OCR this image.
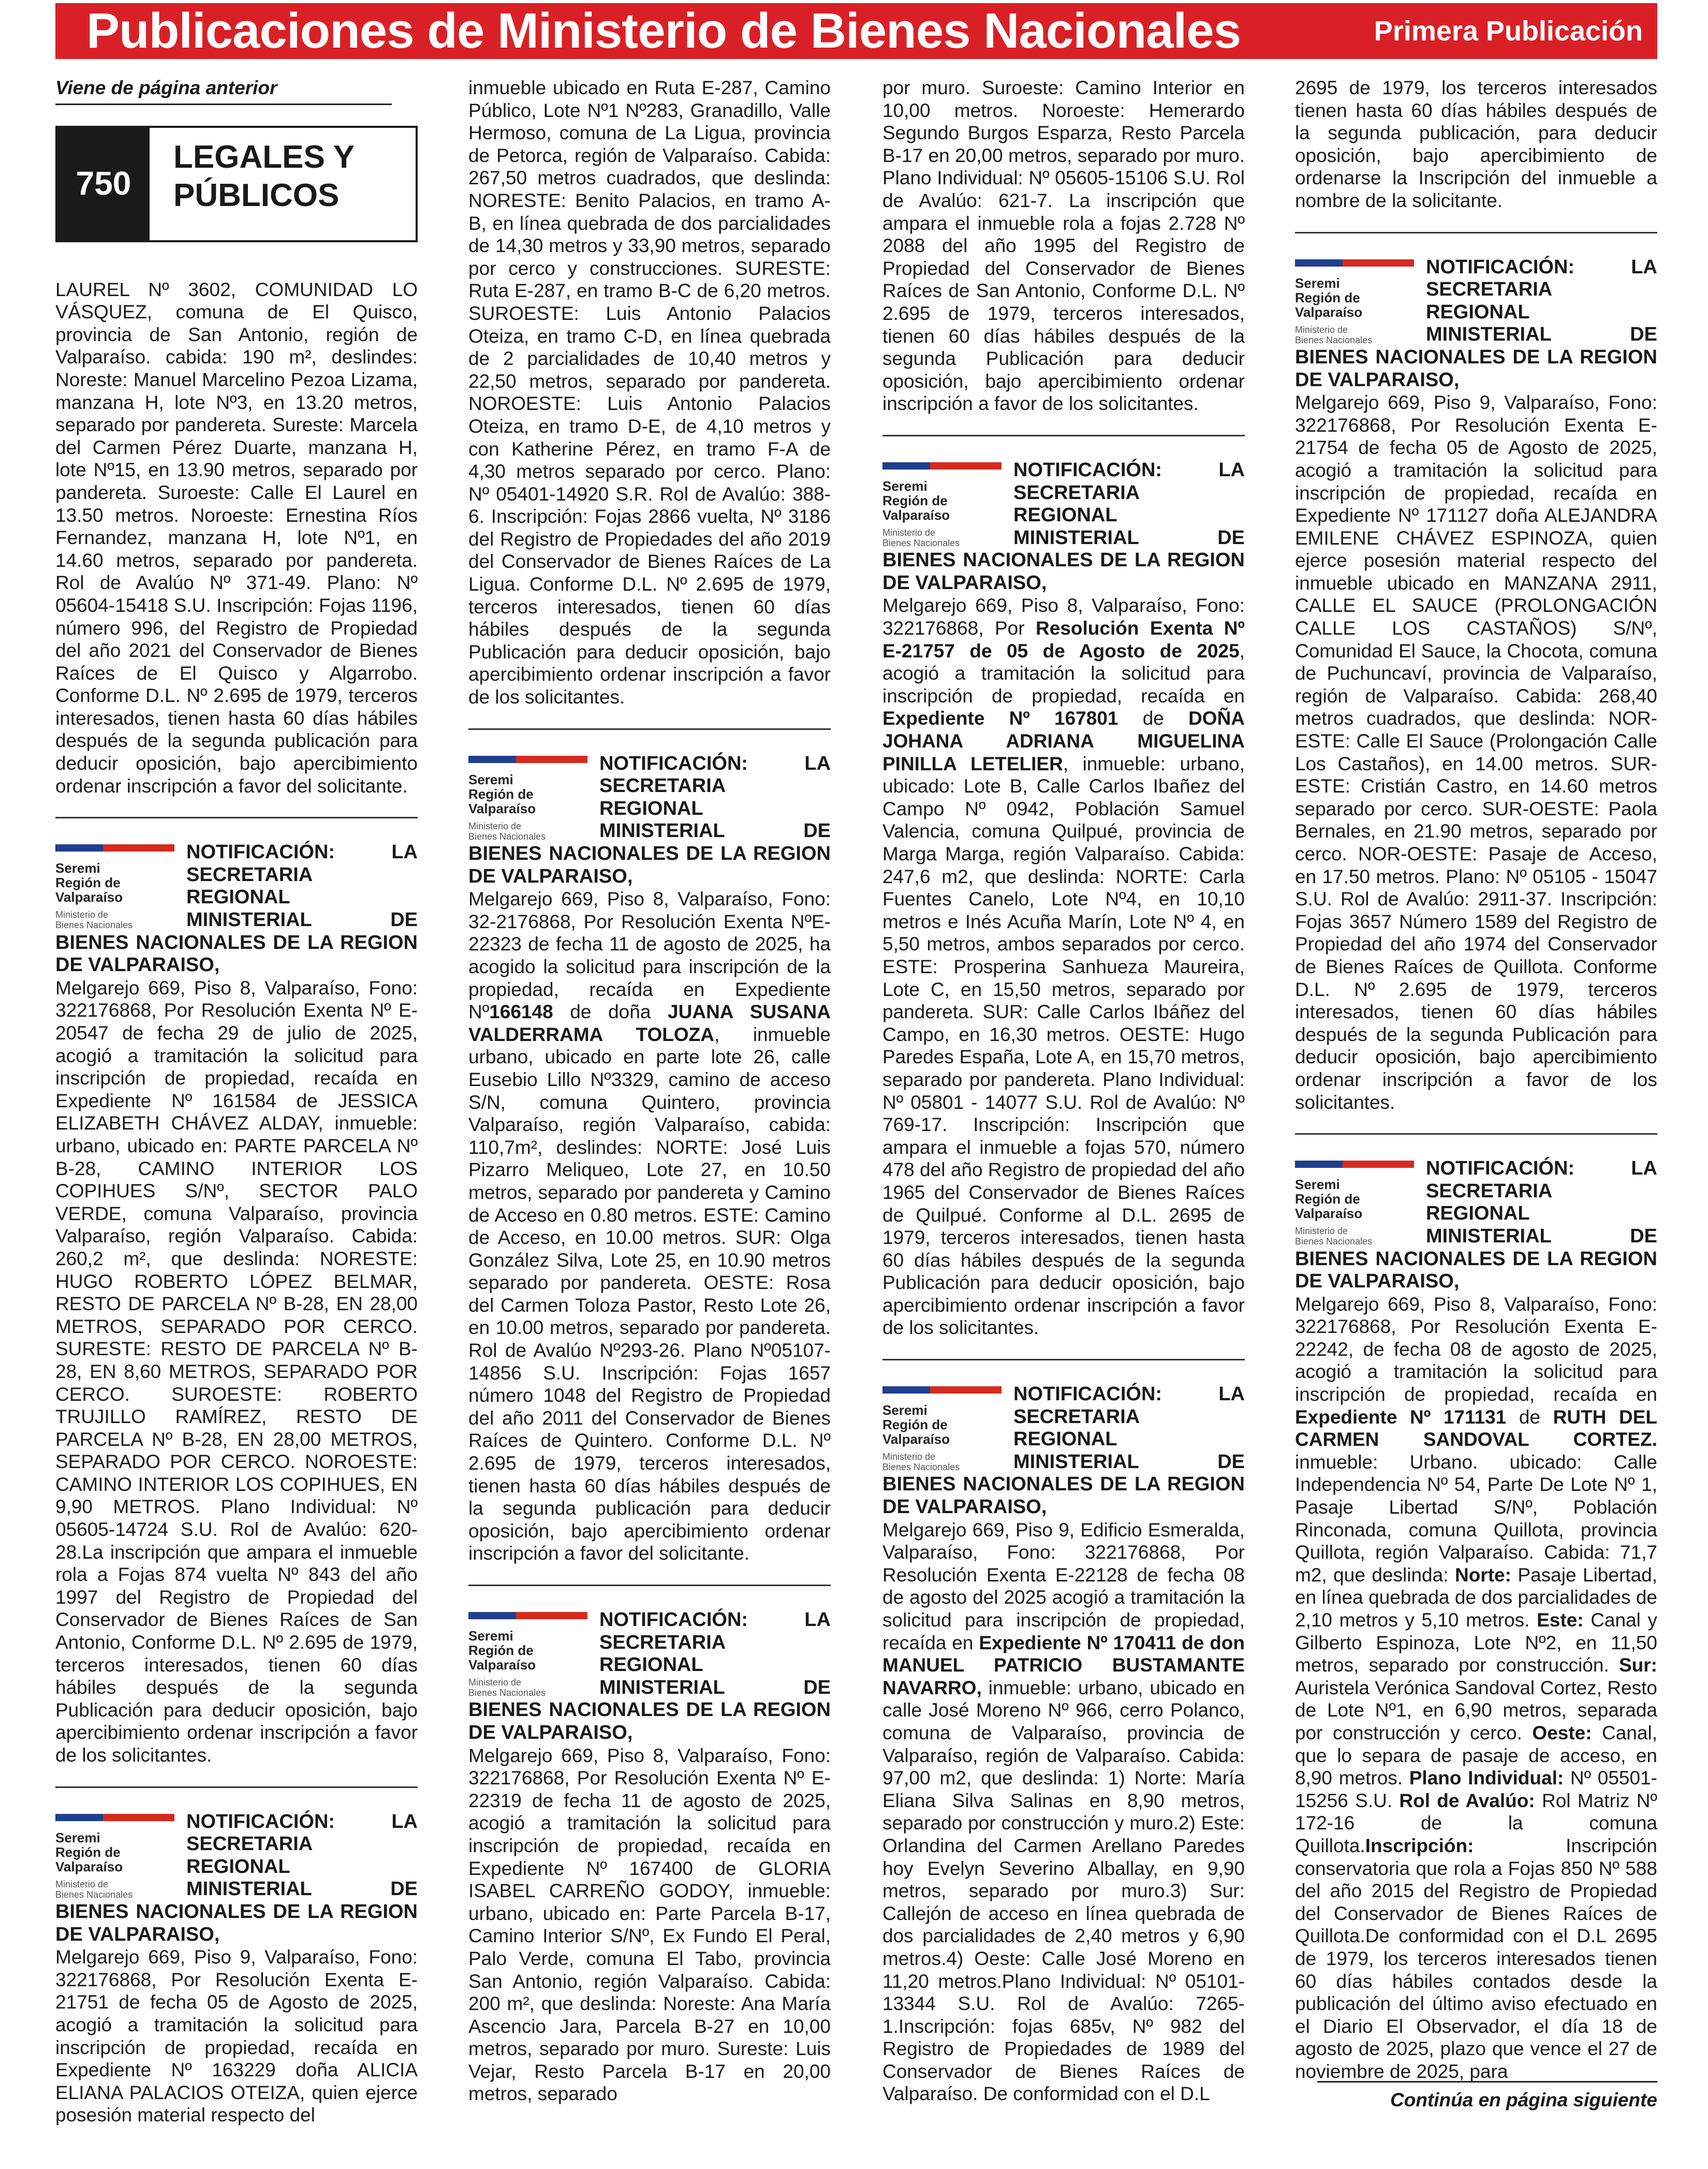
Publicaciones de Ministerio de Bienes Nacionales	Primera Publicación
Viene de página anterior
750
LEGALES Y
PÚBLICOS

LAUREL Nº 3602, COMUNIDAD LO VÁSQUEZ, comuna de El Quisco, provincia de San Antonio, región de Valparaíso. cabida: 190 m², deslindes: Noreste: Manuel Marcelino Pezoa Lizama, manzana H, lote Nº3, en 13.20 metros, separado por pandereta. Sureste: Marcela del Carmen Pérez Duarte, manzana H, lote Nº15, en 13.90 metros, separado por pandereta. Suroeste: Calle El Laurel en 13.50 metros. Noroeste: Ernestina Ríos Fernandez, manzana H, lote Nº1, en 14.60 metros, separado por pandereta. Rol de Avalúo Nº 371-49. Plano: Nº 05604-15418 S.U. Inscripción: Fojas 1196, número 996, del Registro de Propiedad del año 2021 del Conservador de Bienes Raíces de El Quisco y Algarrobo. Conforme D.L. Nº 2.695 de 1979, terceros interesados, tienen hasta 60 días hábiles después de la segunda publicación para deducir oposición, bajo apercibimiento ordenar inscripción a favor del solicitante.

Seremi
Región de
Valparaíso
Ministerio de
Bienes Nacionales
NOTIFICACIÓN: LA SECRETARIA REGIONAL MINISTERIAL DE BIENES NACIONALES DE LA REGION DE VALPARAISO,

Melgarejo 669, Piso 8, Valparaíso, Fono: 322176868, Por Resolución Exenta Nº E-20547 de fecha 29 de julio de 2025, acogió a tramitación la solicitud para inscripción de propiedad, recaída en Expediente Nº 161584 de JESSICA ELIZABETH CHÁVEZ ALDAY, inmueble: urbano, ubicado en: PARTE PARCELA Nº B-28, CAMINO INTERIOR LOS COPIHUES S/Nº, SECTOR PALO VERDE, comuna Valparaíso, provincia Valparaíso, región Valparaíso. Cabida: 260,2 m², que deslinda: NORESTE: HUGO ROBERTO LÓPEZ BELMAR, RESTO DE PARCELA Nº B-28, EN 28,00 METROS, SEPARADO POR CERCO. SURESTE: RESTO DE PARCELA Nº B-28, EN 8,60 METROS, SEPARADO POR CERCO. SUROESTE: ROBERTO TRUJILLO RAMÍREZ, RESTO DE PARCELA Nº B-28, EN 28,00 METROS, SEPARADO POR CERCO. NOROESTE: CAMINO INTERIOR LOS COPIHUES, EN 9,90 METROS. Plano Individual: Nº 05605-14724 S.U. Rol de Avalúo: 620-28.La inscripción que ampara el inmueble rola a Fojas 874 vuelta Nº 843 del año 1997 del Registro de Propiedad del Conservador de Bienes Raíces de San Antonio, Conforme D.L. Nº 2.695 de 1979, terceros interesados, tienen 60 días hábiles después de la segunda Publicación para deducir oposición, bajo apercibimiento ordenar inscripción a favor de los solicitantes.

Seremi
Región de
Valparaíso
Ministerio de
Bienes Nacionales
NOTIFICACIÓN: LA SECRETARIA REGIONAL MINISTERIAL DE BIENES NACIONALES DE LA REGION DE VALPARAISO,

Melgarejo 669, Piso 9, Valparaíso, Fono: 322176868, Por Resolución Exenta E-21751 de fecha 05 de Agosto de 2025, acogió a tramitación la solicitud para inscripción de propiedad, recaída en Expediente Nº 163229 doña ALICIA ELIANA PALACIOS OTEIZA, quien ejerce posesión material respecto del

inmueble ubicado en Ruta E-287, Camino Público, Lote Nº1 Nº283, Granadillo, Valle Hermoso, comuna de La Ligua, provincia de Petorca, región de Valparaíso. Cabida: 267,50 metros cuadrados, que deslinda: NORESTE: Benito Palacios, en tramo A-B, en línea quebrada de dos parcialidades de 14,30 metros y 33,90 metros, separado por cerco y construcciones. SURESTE: Ruta E-287, en tramo B-C de 6,20 metros. SUROESTE: Luis Antonio Palacios Oteiza, en tramo C-D, en línea quebrada de 2 parcialidades de 10,40 metros y 22,50 metros, separado por pandereta. NOROESTE: Luis Antonio Palacios Oteiza, en tramo D-E, de 4,10 metros y con Katherine Pérez, en tramo F-A de 4,30 metros separado por cerco. Plano: Nº 05401-14920 S.R. Rol de Avalúo: 388-6. Inscripción: Fojas 2866 vuelta, Nº 3186 del Registro de Propiedades del año 2019 del Conservador de Bienes Raíces de La Ligua. Conforme D.L. Nº 2.695 de 1979, terceros interesados, tienen 60 días hábiles después de la segunda Publicación para deducir oposición, bajo apercibimiento ordenar inscripción a favor de los solicitantes.

Seremi
Región de
Valparaíso
Ministerio de
Bienes Nacionales
NOTIFICACIÓN: LA SECRETARIA REGIONAL MINISTERIAL DE BIENES NACIONALES DE LA REGION DE VALPARAISO,

Melgarejo 669, Piso 8, Valparaíso, Fono: 32-2176868, Por Resolución Exenta NºE-22323 de fecha 11 de agosto de 2025, ha acogido la solicitud para inscripción de la propiedad, recaída en Expediente Nº166148 de doña JUANA SUSANA VALDERRAMA TOLOZA, inmueble urbano, ubicado en parte lote 26, calle Eusebio Lillo Nº3329, camino de acceso S/N, comuna Quintero, provincia Valparaíso, región Valparaíso, cabida: 110,7m², deslindes: NORTE: José Luis Pizarro Meliqueo, Lote 27, en 10.50 metros, separado por pandereta y Camino de Acceso en 0.80 metros. ESTE: Camino de Acceso, en 10.00 metros. SUR: Olga González Silva, Lote 25, en 10.90 metros separado por pandereta. OESTE: Rosa del Carmen Toloza Pastor, Resto Lote 26, en 10.00 metros, separado por pandereta. Rol de Avalúo Nº293-26. Plano Nº05107-14856 S.U. Inscripción: Fojas 1657 número 1048 del Registro de Propiedad del año 2011 del Conservador de Bienes Raíces de Quintero. Conforme D.L. Nº 2.695 de 1979, terceros interesados, tienen hasta 60 días hábiles después de la segunda publicación para deducir oposición, bajo apercibimiento ordenar inscripción a favor del solicitante.

Seremi
Región de
Valparaíso
Ministerio de
Bienes Nacionales
NOTIFICACIÓN: LA SECRETARIA REGIONAL MINISTERIAL DE BIENES NACIONALES DE LA REGION DE VALPARAISO,

Melgarejo 669, Piso 8, Valparaíso, Fono: 322176868, Por Resolución Exenta Nº E-22319 de fecha 11 de agosto de 2025, acogió a tramitación la solicitud para inscripción de propiedad, recaída en Expediente Nº 167400 de GLORIA ISABEL CARREÑO GODOY, inmueble: urbano, ubicado en: Parte Parcela B-17, Camino Interior S/Nº, Ex Fundo El Peral, Palo Verde, comuna El Tabo, provincia San Antonio, región Valparaíso. Cabida: 200 m², que deslinda: Noreste: Ana María Ascencio Jara, Parcela B-27 en 10,00 metros, separado por muro. Sureste: Luis Vejar, Resto Parcela B-17 en 20,00 metros, separado

por muro. Suroeste: Camino Interior en 10,00 metros. Noroeste: Hemerardo Segundo Burgos Esparza, Resto Parcela B-17 en 20,00 metros, separado por muro. Plano Individual: Nº 05605-15106 S.U. Rol de Avalúo: 621-7. La inscripción que ampara el inmueble rola a fojas 2.728 Nº 2088 del año 1995 del Registro de Propiedad del Conservador de Bienes Raíces de San Antonio, Conforme D.L. Nº 2.695 de 1979, terceros interesados, tienen 60 días hábiles después de la segunda Publicación para deducir oposición, bajo apercibimiento ordenar inscripción a favor de los solicitantes.

Seremi
Región de
Valparaíso
Ministerio de
Bienes Nacionales
NOTIFICACIÓN: LA SECRETARIA REGIONAL MINISTERIAL DE BIENES NACIONALES DE LA REGION DE VALPARAISO,

Melgarejo 669, Piso 8, Valparaíso, Fono: 322176868, Por Resolución Exenta Nº E-21757 de 05 de Agosto de 2025, acogió a tramitación la solicitud para inscripción de propiedad, recaída en Expediente Nº 167801 de DOÑA JOHANA ADRIANA MIGUELINA PINILLA LETELIER, inmueble: urbano, ubicado: Lote B, Calle Carlos Ibañez del Campo Nº 0942, Población Samuel Valencia, comuna Quilpué, provincia de Marga Marga, región Valparaíso. Cabida: 247,6 m2, que deslinda: NORTE: Carla Fuentes Canelo, Lote Nº4, en 10,10 metros e Inés Acuña Marín, Lote Nº 4, en 5,50 metros, ambos separados por cerco. ESTE: Prosperina Sanhueza Maureira, Lote C, en 15,50 metros, separado por pandereta. SUR: Calle Carlos Ibáñez del Campo, en 16,30 metros. OESTE: Hugo Paredes España, Lote A, en 15,70 metros, separado por pandereta. Plano Individual: Nº 05801 - 14077 S.U. Rol de Avalúo: Nº 769-17. Inscripción: Inscripción que ampara el inmueble a fojas 570, número 478 del año Registro de propiedad del año 1965 del Conservador de Bienes Raíces de Quilpué. Conforme al D.L. 2695 de 1979, terceros interesados, tienen hasta 60 días hábiles después de la segunda Publicación para deducir oposición, bajo apercibimiento ordenar inscripción a favor de los solicitantes.

Seremi
Región de
Valparaíso
Ministerio de
Bienes Nacionales
NOTIFICACIÓN: LA SECRETARIA REGIONAL MINISTERIAL DE BIENES NACIONALES DE LA REGION DE VALPARAISO,

Melgarejo 669, Piso 9, Edificio Esmeralda, Valparaíso, Fono: 322176868, Por Resolución Exenta E-22128 de fecha 08 de agosto del 2025 acogió a tramitación la solicitud para inscripción de propiedad, recaída en Expediente Nº 170411 de don MANUEL PATRICIO BUSTAMANTE NAVARRO, inmueble: urbano, ubicado en calle José Moreno Nº 966, cerro Polanco, comuna de Valparaíso, provincia de Valparaíso, región de Valparaíso. Cabida: 97,00 m2, que deslinda: 1) Norte: María Eliana Silva Salinas en 8,90 metros, separado por construcción y muro.2) Este: Orlandina del Carmen Arellano Paredes hoy Evelyn Severino Alballay, en 9,90 metros, separado por muro.3) Sur: Callejón de acceso en línea quebrada de dos parcialidades de 2,40 metros y 6,90 metros.4) Oeste: Calle José Moreno en 11,20 metros.Plano Individual: Nº 05101-13344 S.U. Rol de Avalúo: 7265-1.Inscripción: fojas 685v, Nº 982 del Registro de Propiedades de 1989 del Conservador de Bienes Raíces de Valparaíso. De conformidad con el D.L

2695 de 1979, los terceros interesados tienen hasta 60 días hábiles después de la segunda publicación, para deducir oposición, bajo apercibimiento de ordenarse la Inscripción del inmueble a nombre de la solicitante.

Seremi
Región de
Valparaíso
Ministerio de
Bienes Nacionales
NOTIFICACIÓN: LA SECRETARIA REGIONAL MINISTERIAL DE BIENES NACIONALES DE LA REGION DE VALPARAISO,

Melgarejo 669, Piso 9, Valparaíso, Fono: 322176868, Por Resolución Exenta E-21754 de fecha 05 de Agosto de 2025, acogió a tramitación la solicitud para inscripción de propiedad, recaída en Expediente Nº 171127 doña ALEJANDRA EMILENE CHÁVEZ ESPINOZA, quien ejerce posesión material respecto del inmueble ubicado en MANZANA 2911, CALLE EL SAUCE (PROLONGACIÓN CALLE LOS CASTAÑOS) S/Nº, Comunidad El Sauce, la Chocota, comuna de Puchuncaví, provincia de Valparaíso, región de Valparaíso. Cabida: 268,40 metros cuadrados, que deslinda: NOR-ESTE: Calle El Sauce (Prolongación Calle Los Castaños), en 14.00 metros. SUR-ESTE: Cristián Castro, en 14.60 metros separado por cerco. SUR-OESTE: Paola Bernales, en 21.90 metros, separado por cerco. NOR-OESTE: Pasaje de Acceso, en 17.50 metros. Plano: Nº 05105 - 15047 S.U. Rol de Avalúo: 2911-37. Inscripción: Fojas 3657 Número 1589 del Registro de Propiedad del año 1974 del Conservador de Bienes Raíces de Quillota. Conforme D.L. Nº 2.695 de 1979, terceros interesados, tienen 60 días hábiles después de la segunda Publicación para deducir oposición, bajo apercibimiento ordenar inscripción a favor de los solicitantes.

Seremi
Región de
Valparaíso
Ministerio de
Bienes Nacionales
NOTIFICACIÓN: LA SECRETARIA REGIONAL MINISTERIAL DE BIENES NACIONALES DE LA REGION DE VALPARAISO,

Melgarejo 669, Piso 8, Valparaíso, Fono: 322176868, Por Resolución Exenta E-22242, de fecha 08 de agosto de 2025, acogió a tramitación la solicitud para inscripción de propiedad, recaída en Expediente Nº 171131 de RUTH DEL CARMEN SANDOVAL CORTEZ. inmueble: Urbano. ubicado: Calle Independencia Nº 54, Parte De Lote Nº 1, Pasaje Libertad S/Nº, Población Rinconada, comuna Quillota, provincia Quillota, región Valparaíso. Cabida: 71,7 m2, que deslinda: Norte: Pasaje Libertad, en línea quebrada de dos parcialidades de 2,10 metros y 5,10 metros. Este: Canal y Gilberto Espinoza, Lote Nº2, en 11,50 metros, separado por construcción. Sur: Auristela Verónica Sandoval Cortez, Resto de Lote Nº1, en 6,90 metros, separada por construcción y cerco. Oeste: Canal, que lo separa de pasaje de acceso, en 8,90 metros. Plano Individual: Nº 05501-15256 S.U. Rol de Avalúo: Rol Matriz Nº 172-16 de la comuna Quillota.Inscripción: Inscripción conservatoria que rola a Fojas 850 Nº 588 del año 2015 del Registro de Propiedad del Conservador de Bienes Raíces de Quillota.De conformidad con el D.L 2695 de 1979, los terceros interesados tienen 60 días hábiles contados desde la publicación del último aviso efectuado en el Diario El Observador, el día 18 de agosto de 2025, plazo que vence el 27 de noviembre de 2025, para

Continúa en página siguiente
